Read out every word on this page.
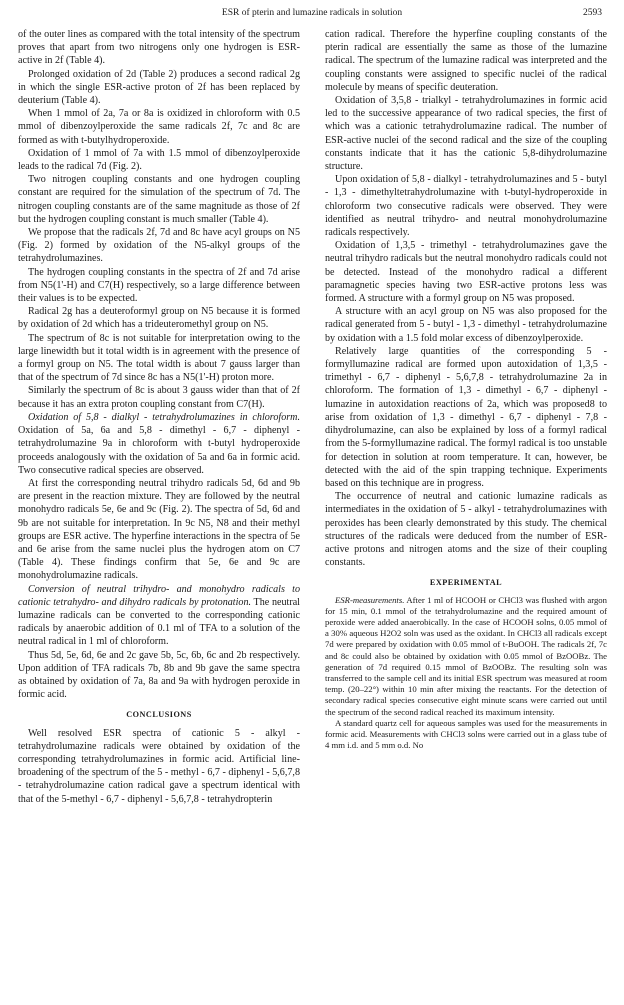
ESR of pterin and lumazine radicals in solution	2593

of the outer lines as compared with the total intensity of the spectrum proves that apart from two nitrogens only one hydrogen is ESR-active in 2f (Table 4).

Prolonged oxidation of 2d (Table 2) produces a second radical 2g in which the single ESR-active proton of 2f has been replaced by deuterium (Table 4).

When 1 mmol of 2a, 7a or 8a is oxidized in chloroform with 0.5 mmol of dibenzoylperoxide the same radicals 2f, 7c and 8c are formed as with t-butylhydroperoxide.

Oxidation of 1 mmol of 7a with 1.5 mmol of dibenzoylperoxide leads to the radical 7d (Fig. 2).

Two nitrogen coupling constants and one hydrogen coupling constant are required for the simulation of the spectrum of 7d. The nitrogen coupling constants are of the same magnitude as those of 2f but the hydrogen coupling constant is much smaller (Table 4).

We propose that the radicals 2f, 7d and 8c have acyl groups on N5 (Fig. 2) formed by oxidation of the N5-alkyl groups of the tetrahydrolumazines.

The hydrogen coupling constants in the spectra of 2f and 7d arise from N5(1'-H) and C7(H) respectively, so a large difference between their values is to be expected.

Radical 2g has a deuteroformyl group on N5 because it is formed by oxidation of 2d which has a trideuteromethyl group on N5.

The spectrum of 8c is not suitable for interpretation owing to the large linewidth but it total width is in agreement with the presence of a formyl group on N5. The total width is about 7 gauss larger than that of the spectrum of 7d since 8c has a N5(1'-H) proton more.

Similarly the spectrum of 8c is about 3 gauss wider than that of 2f because it has an extra proton coupling constant from C7(H).

Oxidation of 5,8 - dialkyl - tetrahydrolumazines in chloroform. Oxidation of 5a, 6a and 5,8 - dimethyl - 6,7 - diphenyl - tetrahydrolumazine 9a in chloroform with t-butyl hydroperoxide proceeds analogously with the oxidation of 5a and 6a in formic acid. Two consecutive radical species are observed.

At first the corresponding neutral trihydro radicals 5d, 6d and 9b are present in the reaction mixture. They are followed by the neutral monohydro radicals 5e, 6e and 9c (Fig. 2). The spectra of 5d, 6d and 9b are not suitable for interpretation. In 9c N5, N8 and their methyl groups are ESR active. The hyperfine interactions in the spectra of 5e and 6e arise from the same nuclei plus the hydrogen atom on C7 (Table 4). These findings confirm that 5e, 6e and 9c are monohydrolumazine radicals.

Conversion of neutral trihydro- and monohydro radicals to cationic tetrahydro- and dihydro radicals by protonation. The neutral lumazine radicals can be converted to the corresponding cationic radicals by anaerobic addition of 0.1 ml of TFA to a solution of the neutral radical in 1 ml of chloroform.

Thus 5d, 5e, 6d, 6e and 2c gave 5b, 5c, 6b, 6c and 2b respectively. Upon addition of TFA radicals 7b, 8b and 9b gave the same spectra as obtained by oxidation of 7a, 8a and 9a with hydrogen peroxide in formic acid.

CONCLUSIONS

Well resolved ESR spectra of cationic 5 - alkyl - tetrahydrolumazine radicals were obtained by oxidation of the corresponding tetrahydrolumazines in formic acid. Artificial line-broadening of the spectrum of the 5 - methyl - 6,7 - diphenyl - 5,6,7,8 - tetrahydrolumazine cation radical gave a spectrum identical with that of the 5-methyl - 6,7 - diphenyl - 5,6,7,8 - tetrahydropterin

cation radical. Therefore the hyperfine coupling constants of the pterin radical are essentially the same as those of the lumazine radical. The spectrum of the lumazine radical was interpreted and the coupling constants were assigned to specific nuclei of the radical molecule by means of specific deuteration.

Oxidation of 3,5,8 - trialkyl - tetrahydrolumazines in formic acid led to the successive appearance of two radical species, the first of which was a cationic tetrahydrolumazine radical. The number of ESR-active nuclei of the second radical and the size of the coupling constants indicate that it has the cationic 5,8-dihydrolumazine structure.

Upon oxidation of 5,8 - dialkyl - tetrahydrolumazines and 5 - butyl - 1,3 - dimethyltetrahydrolumazine with t-butyl-hydroperoxide in chloroform two consecutive radicals were observed. They were identified as neutral trihydro- and neutral monohydrolumazine radicals respectively.

Oxidation of 1,3,5 - trimethyl - tetrahydrolumazines gave the neutral trihydro radicals but the neutral monohydro radicals could not be detected. Instead of the monohydro radical a different paramagnetic species having two ESR-active protons less was formed. A structure with a formyl group on N5 was proposed.

A structure with an acyl group on N5 was also proposed for the radical generated from 5 - butyl - 1,3 - dimethyl - tetrahydrolumazine by oxidation with a 1.5 fold molar excess of dibenzoylperoxide.

Relatively large quantities of the corresponding 5 - formyllumazine radical are formed upon autoxidation of 1,3,5 - trimethyl - 6,7 - diphenyl - 5,6,7,8 - tetrahydrolumazine 2a in chloroform. The formation of 1,3 - dimethyl - 6,7 - diphenyl - lumazine in autoxidation reactions of 2a, which was proposed8 to arise from oxidation of 1,3 - dimethyl - 6,7 - diphenyl - 7,8 - dihydrolumazine, can also be explained by loss of a formyl radical from the 5-formyllumazine radical. The formyl radical is too unstable for detection in solution at room temperature. It can, however, be detected with the aid of the spin trapping technique. Experiments based on this technique are in progress.

The occurrence of neutral and cationic lumazine radicals as intermediates in the oxidation of 5 - alkyl - tetrahydrolumazines with peroxides has been clearly demonstrated by this study. The chemical structures of the radicals were deduced from the number of ESR-active protons and nitrogen atoms and the size of their coupling constants.

EXPERIMENTAL

ESR-measurements. After 1 ml of HCOOH or CHCl3 was flushed with argon for 15 min, 0.1 mmol of the tetrahydrolumazine and the required amount of peroxide were added anaerobically. In the case of HCOOH solns, 0.05 mmol of a 30% aqueous H2O2 soln was used as the oxidant. In CHCl3 all radicals except 7d were prepared by oxidation with 0.05 mmol of t-BuOOH. The radicals 2f, 7c and 8c could also be obtained by oxidation with 0.05 mmol of BzOOBz. The generation of 7d required 0.15 mmol of BzOOBz. The resulting soln was transferred to the sample cell and its initial ESR spectrum was measured at room temp. (20–22°) within 10 min after mixing the reactants. For the detection of secondary radical species consecutive eight minute scans were carried out until the spectrum of the second radical reached its maximum intensity.

A standard quartz cell for aqueous samples was used for the measurements in formic acid. Measurements with CHCl3 solns were carried out in a glass tube of 4 mm i.d. and 5 mm o.d. No
